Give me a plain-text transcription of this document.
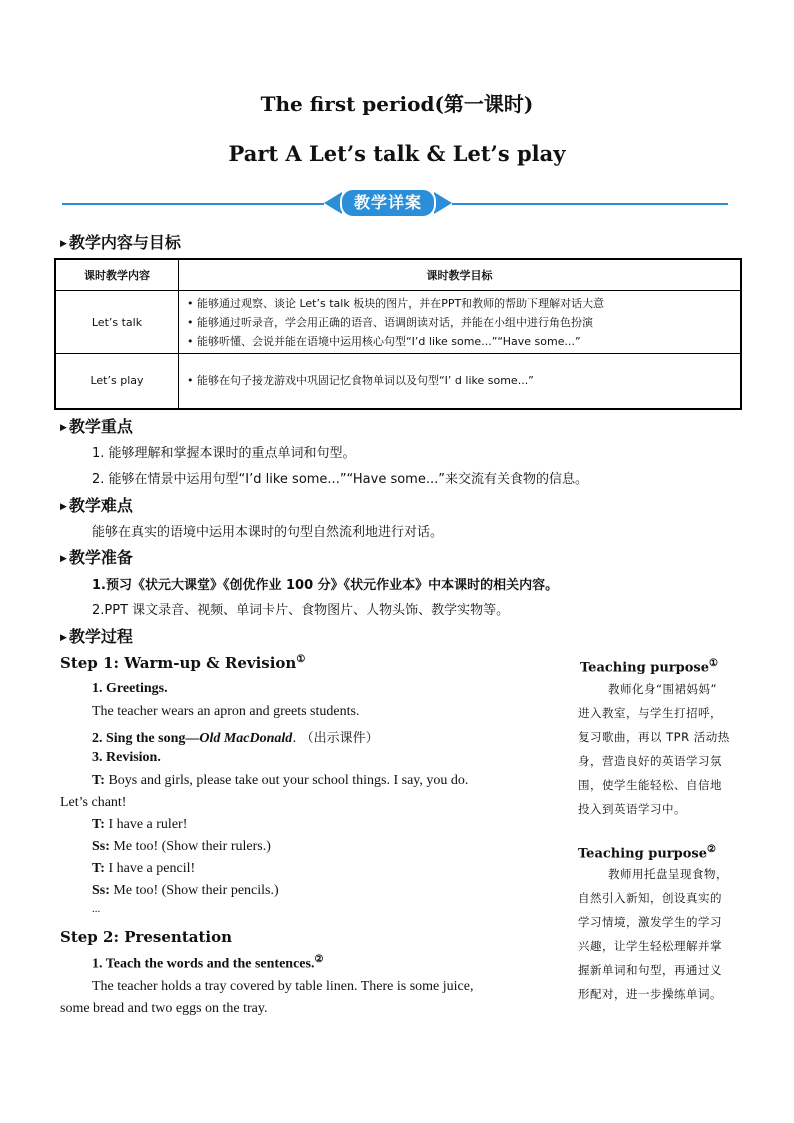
The first period(第一课时)
Part A Let’s talk & Let’s play
教学详案
▶ 教学内容与目标
课时教学内容	课时教学目标
Let’s talk	• 能够通过观察、谈论 Let’s talk 板块的图片，并在PPT和教师的帮助下理解对话大意
• 能够通过听录音，学会用正确的语音、语调朗读对话，并能在小组中进行角色扮演
• 能够听懂、会说并能在语境中运用核心句型“I’d like some...”“Have some...”

Let’s play	• 能够在句子接龙游戏中巩固记忆食物单词以及句型“I’ d like some...”
▶ 教学重点
1. 能够理解和掌握本课时的重点单词和句型。
2. 能够在情景中运用句型“I’d like some...”“Have some...”来交流有关食物的信息。
▶ 教学难点
能够在真实的语境中运用本课时的句型自然流利地进行对话。
▶ 教学准备
1.预习《状元大课堂》《创优作业 100 分》《状元作业本》中本课时的相关内容。
2.PPT 课文录音、视频、单词卡片、食物图片、人物头饰、教学实物等。
▶ 教学过程
Step 1: Warm-up & Revision①
1. Greetings.
The teacher wears an apron and greets students.
2. Sing the song—Old MacDonald. （出示课件）
3. Revision.
T: Boys and girls, please take out your school things. I say, you do.
Let’s chant!
T: I have a ruler!
Ss: Me too! (Show their rulers.)
T: I have a pencil!
Ss: Me too! (Show their pencils.)
...
Step 2: Presentation
1. Teach the words and the sentences.②
The teacher holds a tray covered by table linen. There is some juice,
some bread and two eggs on the tray.
Teaching purpose①
教师化身“围裙妈妈”
进入教室，与学生打招呼，
复习歌曲，再以 TPR 活动热
身，营造良好的英语学习氛
围，使学生能轻松、自信地
投入到英语学习中。
Teaching purpose②
教师用托盘呈现食物，
自然引入新知，创设真实的
学习情境，激发学生的学习
兴趣，让学生轻松理解并掌
握新单词和句型，再通过义
形配对，进一步操练单词。
